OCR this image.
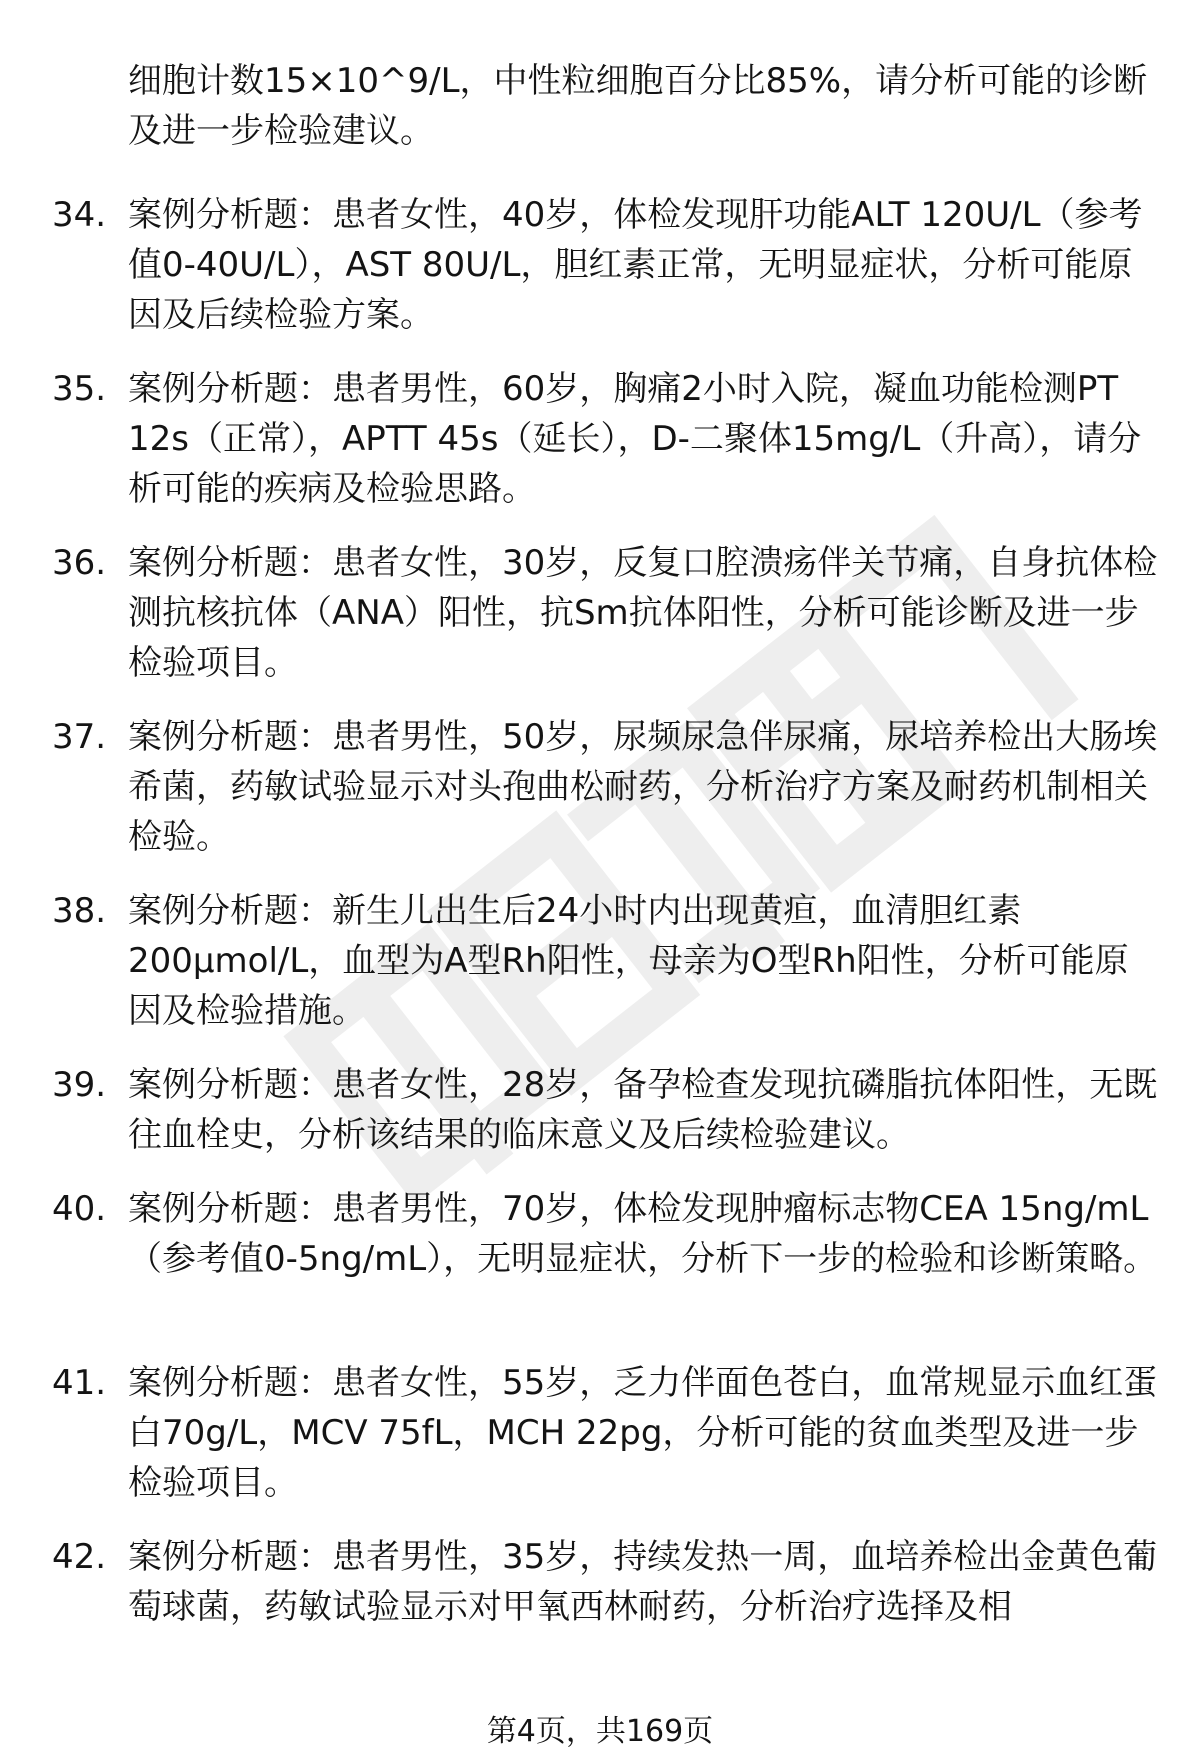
细胞计数15×10^9/L，中性粒细胞百分比85%，请分析可能的诊断及进一步检验建议。

34. 案例分析题：患者女性，40岁，体检发现肝功能ALT 120U/L（参考值0-40U/L），AST 80U/L，胆红素正常，无明显症状，分析可能原因及后续检验方案。

35. 案例分析题：患者男性，60岁，胸痛2小时入院，凝血功能检测PT 12s（正常），APTT 45s（延长），D-二聚体15mg/L（升高），请分析可能的疾病及检验思路。

36. 案例分析题：患者女性，30岁，反复口腔溃疡伴关节痛，自身抗体检测抗核抗体（ANA）阳性，抗Sm抗体阳性，分析可能诊断及进一步检验项目。

37. 案例分析题：患者男性，50岁，尿频尿急伴尿痛，尿培养检出大肠埃希菌，药敏试验显示对头孢曲松耐药，分析治疗方案及耐药机制相关检验。

38. 案例分析题：新生儿出生后24小时内出现黄疸，血清胆红素200μmol/L，血型为A型Rh阳性，母亲为O型Rh阳性，分析可能原因及检验措施。

39. 案例分析题：患者女性，28岁，备孕检查发现抗磷脂抗体阳性，无既往血栓史，分析该结果的临床意义及后续检验建议。

40. 案例分析题：患者男性，70岁，体检发现肿瘤标志物CEA 15ng/mL（参考值0-5ng/mL），无明显症状，分析下一步的检验和诊断策略。

41. 案例分析题：患者女性，55岁，乏力伴面色苍白，血常规显示血红蛋白70g/L，MCV 75fL，MCH 22pg，分析可能的贫血类型及进一步检验项目。

42. 案例分析题：患者男性，35岁，持续发热一周，血培养检出金黄色葡萄球菌，药敏试验显示对甲氧西林耐药，分析治疗选择及相

第4页，共169页
